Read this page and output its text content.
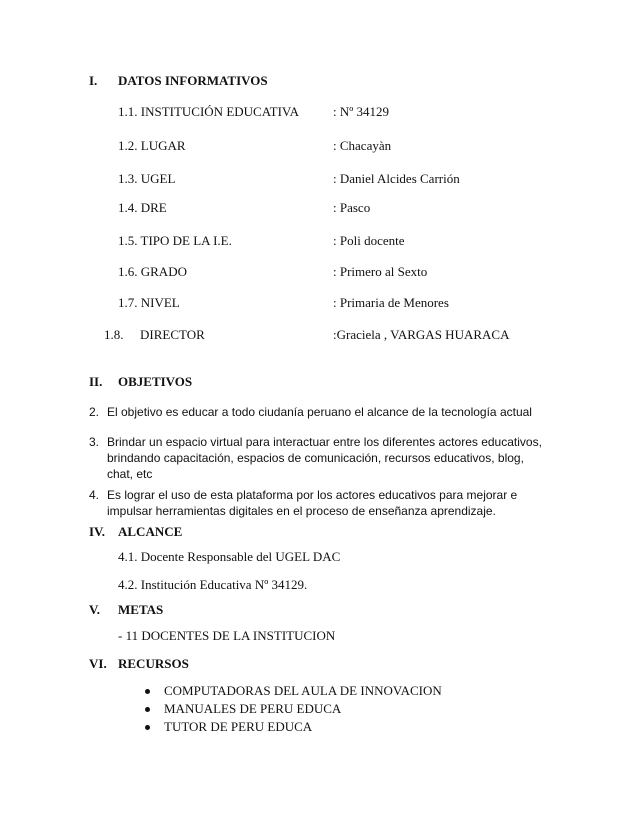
I. DATOS INFORMATIVOS
1.1. INSTITUCIÓN EDUCATIVA	: Nº 34129
1.2. LUGAR	: Chacayàn
1.3. UGEL	: Daniel Alcides Carrión
1.4. DRE	: Pasco
1.5. TIPO DE LA I.E.	: Poli docente
1.6. GRADO	: Primero al Sexto
1.7. NIVEL	: Primaria de Menores
1.8. DIRECTOR	:Graciela , VARGAS HUARACA
II. OBJETIVOS
2. El objetivo es educar a todo ciudanía peruano el alcance de la tecnología actual
3. Brindar un espacio virtual para interactuar entre los diferentes actores educativos, brindando capacitación, espacios de comunicación, recursos educativos, blog, chat, etc
4. Es lograr el uso de esta plataforma por los actores educativos para mejorar e impulsar herramientas digitales en el proceso de enseñanza aprendizaje.
IV. ALCANCE
4.1. Docente Responsable del UGEL DAC
4.2. Institución Educativa Nº 34129.
V. METAS
- 11 DOCENTES DE LA INSTITUCION
VI. RECURSOS
COMPUTADORAS DEL AULA DE INNOVACION
MANUALES DE PERU EDUCA
TUTOR DE PERU EDUCA
